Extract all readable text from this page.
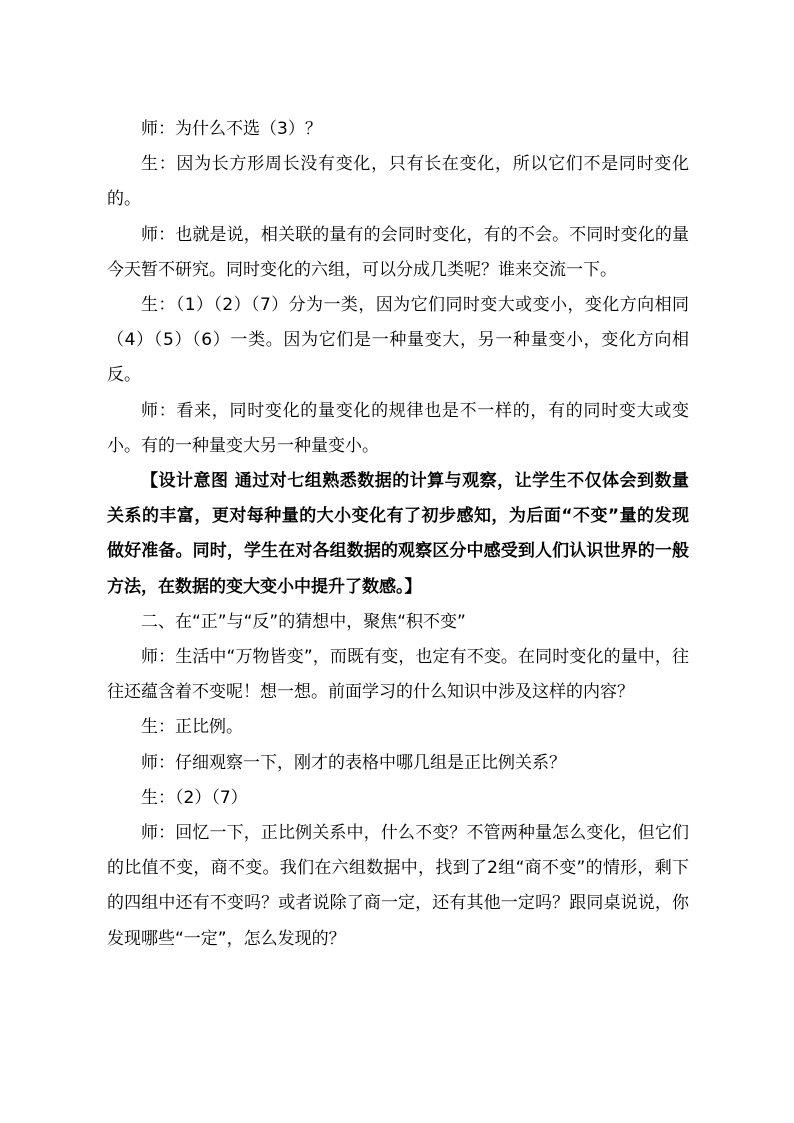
师：为什么不选（3）？

生：因为长方形周长没有变化，只有长在变化，所以它们不是同时变化的。

师：也就是说，相关联的量有的会同时变化，有的不会。不同时变化的量今天暂不研究。同时变化的六组，可以分成几类呢？谁来交流一下。

生：（1）（2）（7）分为一类，因为它们同时变大或变小，变化方向相同（4）（5）（6）一类。因为它们是一种量变大，另一种量变小，变化方向相反。

师：看来，同时变化的量变化的规律也是不一样的，有的同时变大或变小。有的一种量变大另一种量变小。

【设计意图 通过对七组熟悉数据的计算与观察，让学生不仅体会到数量关系的丰富，更对每种量的大小变化有了初步感知，为后面“不变”量的发现做好准备。同时，学生在对各组数据的观察区分中感受到人们认识世界的一般方法，在数据的变大变小中提升了数感。】

二、在“正”与“反”的猜想中，聚焦“积不变”

师：生活中“万物皆变”，而既有变，也定有不变。在同时变化的量中，往往还蕴含着不变呢！想一想。前面学习的什么知识中涉及这样的内容？

生：正比例。

师：仔细观察一下，刚才的表格中哪几组是正比例关系？

生：（2）（7）

师：回忆一下，正比例关系中，什么不变？不管两种量怎么变化，但它们的比值不变，商不变。我们在六组数据中，找到了2组“商不变”的情形，剩下的四组中还有不变吗？或者说除了商一定，还有其他一定吗？跟同桌说说，你发现哪些“一定”，怎么发现的？
